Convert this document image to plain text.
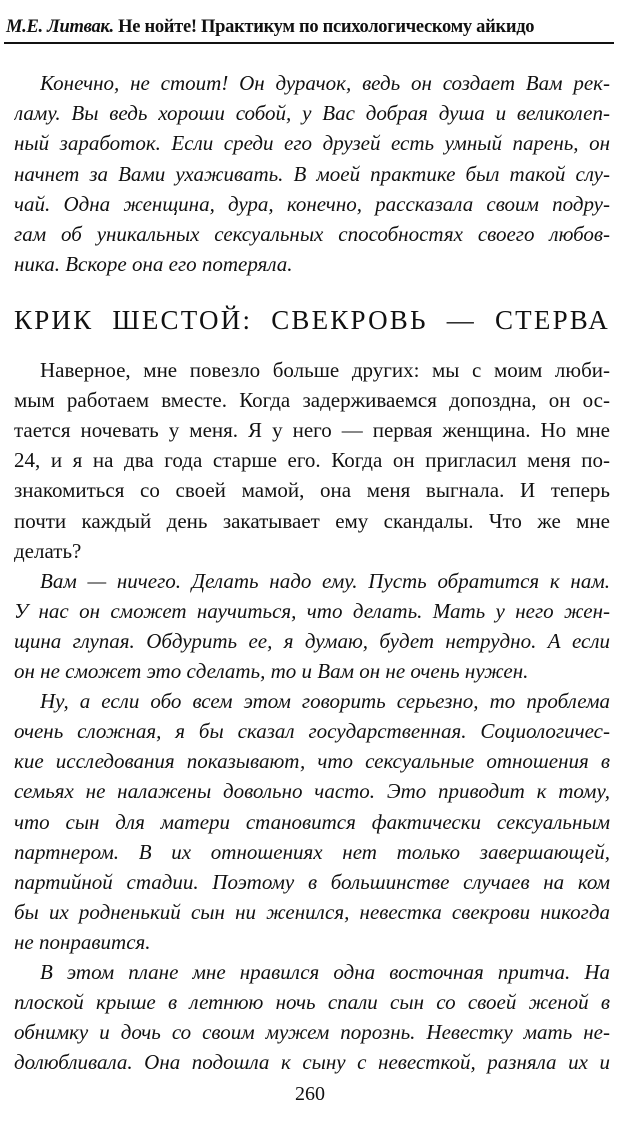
М.Е. Литвак. Не нойте! Практикум по психологическому айкидо
КРИК ШЕСТОЙ: СВЕКРОВЬ — СТЕРВА
Конечно, не стоит! Он дурачок, ведь он создает Вам рек-
ламу. Вы ведь хороши собой, у Вас добрая душа и великолеп-
ный заработок. Если среди его друзей есть умный парень, он
начнет за Вами ухаживать. В моей практике был такой слу-
чай. Одна женщина, дура, конечно, рассказала своим подру-
гам об уникальных сексуальных способностях своего любов-
ника. Вскоре она его потеряла.
Наверное, мне повезло больше других: мы с моим люби-
мым работаем вместе. Когда задерживаемся допоздна, он ос-
тается ночевать у меня. Я у него — первая женщина. Но мне
24, и я на два года старше его. Когда он пригласил меня по-
знакомиться со своей мамой, она меня выгнала. И теперь
почти каждый день закатывает ему скандалы. Что же мне
делать?
Вам — ничего. Делать надо ему. Пусть обратится к нам.
У нас он сможет научиться, что делать. Мать у него жен-
щина глупая. Обдурить ее, я думаю, будет нетрудно. А если
он не сможет это сделать, то и Вам он не очень нужен.
Ну, а если обо всем этом говорить серьезно, то проблема
очень сложная, я бы сказал государственная. Социологичес-
кие исследования показывают, что сексуальные отношения в
семьях не налажены довольно часто. Это приводит к тому,
что сын для матери становится фактически сексуальным
партнером. В их отношениях нет только завершающей,
партийной стадии. Поэтому в большинстве случаев на ком
бы их родненький сын ни женился, невестка свекрови никогда
не понравится.
В этом плане мне нравился одна восточная притча. На
плоской крыше в летнюю ночь спали сын со своей женой в
обнимку и дочь со своим мужем порознь. Невестку мать не-
долюбливала. Она подошла к сыну с невесткой, разняла их и
260
